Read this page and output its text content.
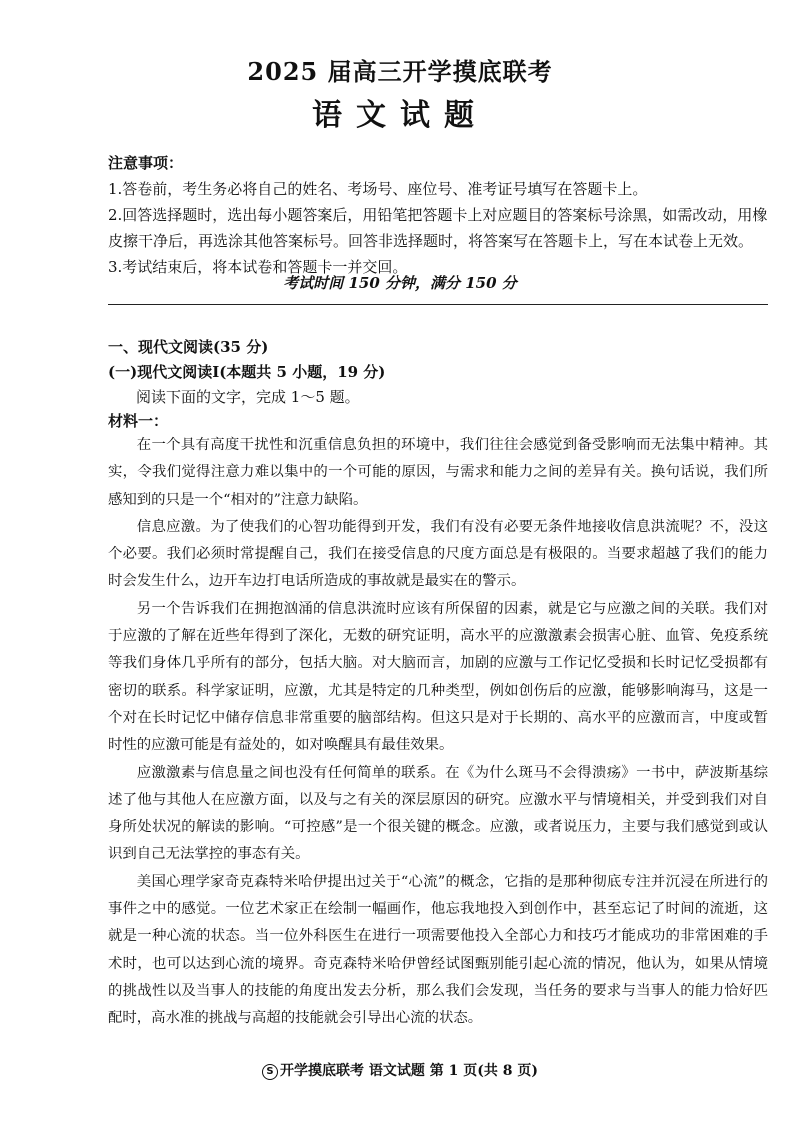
2025 届高三开学摸底联考
语文试题

注意事项：

1.答卷前，考生务必将自己的姓名、考场号、座位号、准考证号填写在答题卡上。

2.回答选择题时，选出每小题答案后，用铅笔把答题卡上对应题目的答案标号涂黑，如需改动，用橡皮擦干净后，再选涂其他答案标号。回答非选择题时，将答案写在答题卡上，写在本试卷上无效。

3.考试结束后，将本试卷和答题卡一并交回。

考试时间 150 分钟，满分 150 分
一、现代文阅读(35 分)
(一)现代文阅读Ⅰ(本题共 5 小题，19 分)
阅读下面的文字，完成 1～5 题。
材料一：

在一个具有高度干扰性和沉重信息负担的环境中，我们往往会感觉到备受影响而无法集中精神。其实，令我们觉得注意力难以集中的一个可能的原因，与需求和能力之间的差异有关。换句话说，我们所感知到的只是一个“相对的”注意力缺陷。

信息应激。为了使我们的心智功能得到开发，我们有没有必要无条件地接收信息洪流呢？不，没这个必要。我们必须时常提醒自己，我们在接受信息的尺度方面总是有极限的。当要求超越了我们的能力时会发生什么，边开车边打电话所造成的事故就是最实在的警示。

另一个告诉我们在拥抱汹涌的信息洪流时应该有所保留的因素，就是它与应激之间的关联。我们对于应激的了解在近些年得到了深化，无数的研究证明，高水平的应激激素会损害心脏、血管、免疫系统等我们身体几乎所有的部分，包括大脑。对大脑而言，加剧的应激与工作记忆受损和长时记忆受损都有密切的联系。科学家证明，应激，尤其是特定的几种类型，例如创伤后的应激，能够影响海马，这是一个对在长时记忆中储存信息非常重要的脑部结构。但这只是对于长期的、高水平的应激而言，中度或暂时性的应激可能是有益处的，如对唤醒具有最佳效果。

应激激素与信息量之间也没有任何简单的联系。在《为什么斑马不会得溃疡》一书中，萨波斯基综述了他与其他人在应激方面，以及与之有关的深层原因的研究。应激水平与情境相关，并受到我们对自身所处状况的解读的影响。“可控感”是一个很关键的概念。应激，或者说压力，主要与我们感觉到或认识到自己无法掌控的事态有关。

美国心理学家奇克森特米哈伊提出过关于“心流”的概念，它指的是那种彻底专注并沉浸在所进行的事件之中的感觉。一位艺术家正在绘制一幅画作，他忘我地投入到创作中，甚至忘记了时间的流逝，这就是一种心流的状态。当一位外科医生在进行一项需要他投入全部心力和技巧才能成功的非常困难的手术时，也可以达到心流的境界。奇克森特米哈伊曾经试图甄别能引起心流的情况，他认为，如果从情境的挑战性以及当事人的技能的角度出发去分析，那么我们会发现，当任务的要求与当事人的能力恰好匹配时，高水准的挑战与高超的技能就会引导出心流的状态。

S 开学摸底联考 语文试题 第 1 页(共 8 页)
